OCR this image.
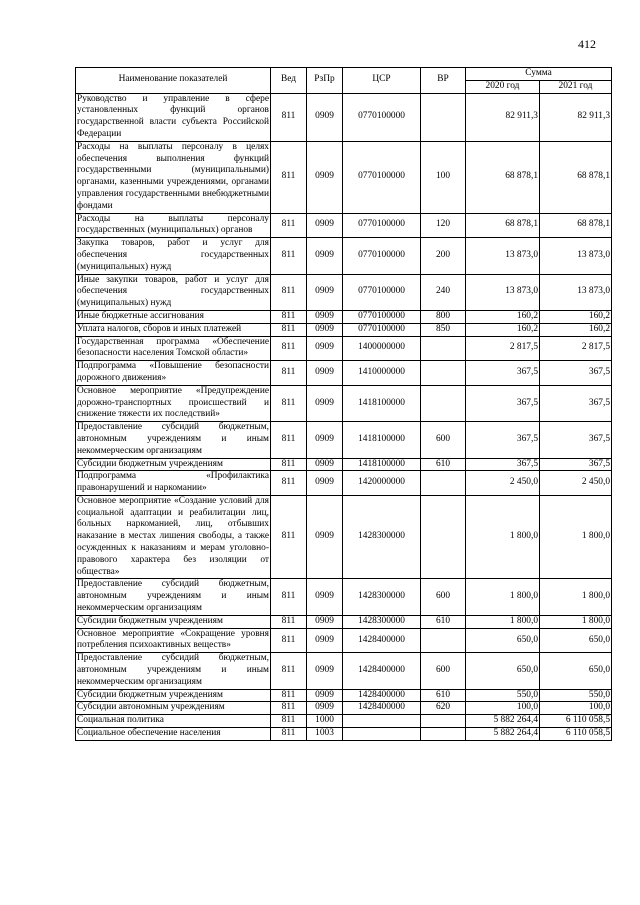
412
Наименование показателей	Вед	РзПр	ЦСР	ВР	Сумма	
					2020 год	2021 год
Руководство и управление в сфере установленных функций органов государственной власти субъекта Российской Федерации	811	0909	0770100000		82 911,3	82 911,3
Расходы на выплаты персоналу в целях обеспечения выполнения функций государственными (муниципальными) органами, казенными учреждениями, органами управления государственными внебюджетными фондами	811	0909	0770100000	100	68 878,1	68 878,1
Расходы на выплаты персоналу государственных (муниципальных) органов	811	0909	0770100000	120	68 878,1	68 878,1
Закупка товаров, работ и услуг для обеспечения государственных (муниципальных) нужд	811	0909	0770100000	200	13 873,0	13 873,0
Иные закупки товаров, работ и услуг для обеспечения государственных (муниципальных) нужд	811	0909	0770100000	240	13 873,0	13 873,0
Иные бюджетные ассигнования	811	0909	0770100000	800	160,2	160,2
Уплата налогов, сборов и иных платежей	811	0909	0770100000	850	160,2	160,2
Государственная программа «Обеспечение безопасности населения Томской области»	811	0909	1400000000		2 817,5	2 817,5
Подпрограмма «Повышение безопасности дорожного движения»	811	0909	1410000000		367,5	367,5
Основное мероприятие «Предупреждение дорожно-транспортных происшествий и снижение тяжести их последствий»	811	0909	1418100000		367,5	367,5
Предоставление субсидий бюджетным, автономным учреждениям и иным некоммерческим организациям	811	0909	1418100000	600	367,5	367,5
Субсидии бюджетным учреждениям	811	0909	1418100000	610	367,5	367,5
Подпрограмма «Профилактика правонарушений и наркомании»	811	0909	1420000000		2 450,0	2 450,0
Основное мероприятие «Создание условий для социальной адаптации и реабилитации лиц, больных наркоманией, лиц, отбывших наказание в местах лишения свободы, а также осужденных к наказаниям и мерам уголовно-правового характера без изоляции от общества»	811	0909	1428300000		1 800,0	1 800,0
Предоставление субсидий бюджетным, автономным учреждениям и иным некоммерческим организациям	811	0909	1428300000	600	1 800,0	1 800,0
Субсидии бюджетным учреждениям	811	0909	1428300000	610	1 800,0	1 800,0
Основное мероприятие «Сокращение уровня потребления психоактивных веществ»	811	0909	1428400000		650,0	650,0
Предоставление субсидий бюджетным, автономным учреждениям и иным некоммерческим организациям	811	0909	1428400000	600	650,0	650,0
Субсидии бюджетным учреждениям	811	0909	1428400000	610	550,0	550,0
Субсидии автономным учреждениям	811	0909	1428400000	620	100,0	100,0
Социальная политика	811	1000			5 882 264,4	6 110 058,5
Социальное обеспечение населения	811	1003			5 882 264,4	6 110 058,5
